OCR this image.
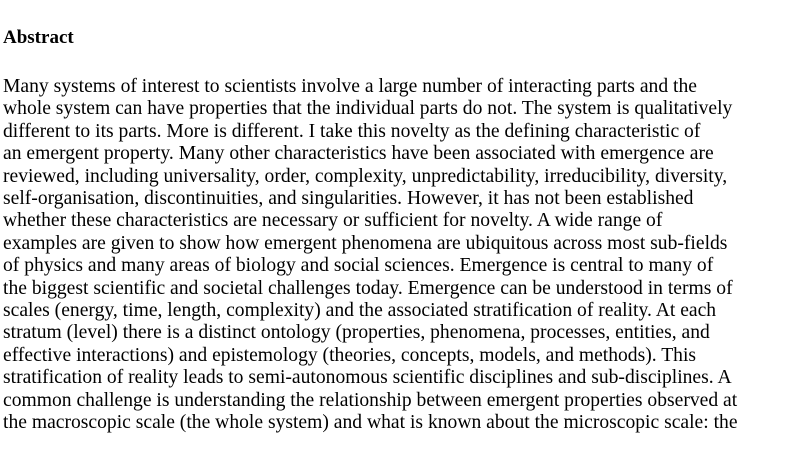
Abstract
Many systems of interest to scientists involve a large number of interacting parts and the
whole system can have properties that the individual parts do not. The system is qualitatively
different to its parts. More is different. I take this novelty as the defining characteristic of
an emergent property. Many other characteristics have been associated with emergence are
reviewed, including universality, order, complexity, unpredictability, irreducibility, diversity,
self-organisation, discontinuities, and singularities. However, it has not been established
whether these characteristics are necessary or sufficient for novelty. A wide range of
examples are given to show how emergent phenomena are ubiquitous across most sub-fields
of physics and many areas of biology and social sciences. Emergence is central to many of
the biggest scientific and societal challenges today. Emergence can be understood in terms of
scales (energy, time, length, complexity) and the associated stratification of reality. At each
stratum (level) there is a distinct ontology (properties, phenomena, processes, entities, and
effective interactions) and epistemology (theories, concepts, models, and methods). This
stratification of reality leads to semi-autonomous scientific disciplines and sub-disciplines. A
common challenge is understanding the relationship between emergent properties observed at
the macroscopic scale (the whole system) and what is known about the microscopic scale: the
